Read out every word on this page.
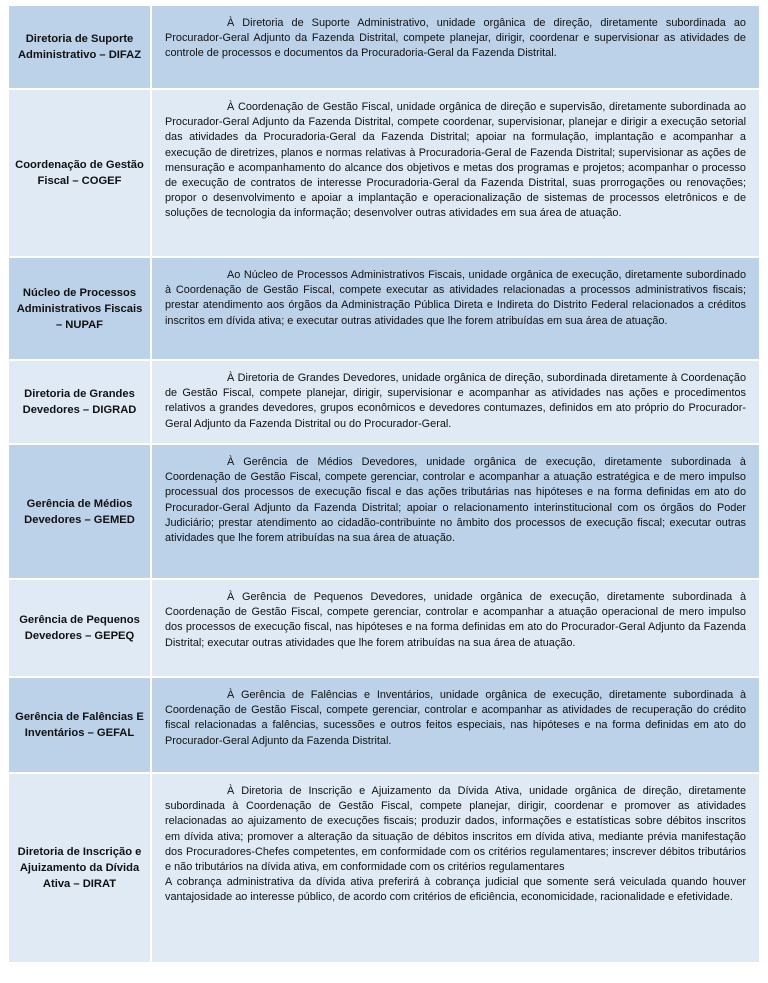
Diretoria de Suporte Administrativo – DIFAZ

À Diretoria de Suporte Administrativo, unidade orgânica de direção, diretamente subordinada ao Procurador-Geral Adjunto da Fazenda Distrital, compete planejar, dirigir, coordenar e supervisionar as atividades de controle de processos e documentos da Procuradoria-Geral da Fazenda Distrital.

Coordenação de Gestão Fiscal – COGEF

À Coordenação de Gestão Fiscal, unidade orgânica de direção e supervisão, diretamente subordinada ao Procurador-Geral Adjunto da Fazenda Distrital, compete coordenar, supervisionar, planejar e dirigir a execução setorial das atividades da Procuradoria-Geral da Fazenda Distrital; apoiar na formulação, implantação e acompanhar a execução de diretrizes, planos e normas relativas à Procuradoria-Geral de Fazenda Distrital; supervisionar as ações de mensuração e acompanhamento do alcance dos objetivos e metas dos programas e projetos; acompanhar o processo de execução de contratos de interesse Procuradoria-Geral da Fazenda Distrital, suas prorrogações ou renovações; propor o desenvolvimento e apoiar a implantação e operacionalização de sistemas de processos eletrônicos e de soluções de tecnologia da informação; desenvolver outras atividades em sua área de atuação.

Núcleo de Processos Administrativos Fiscais – NUPAF

Ao Núcleo de Processos Administrativos Fiscais, unidade orgânica de execução, diretamente subordinado à Coordenação de Gestão Fiscal, compete executar as atividades relacionadas a processos administrativos fiscais; prestar atendimento aos órgãos da Administração Pública Direta e Indireta do Distrito Federal relacionados a créditos inscritos em dívida ativa; e executar outras atividades que lhe forem atribuídas em sua área de atuação.

Diretoria de Grandes Devedores – DIGRAD

À Diretoria de Grandes Devedores, unidade orgânica de direção, subordinada diretamente à Coordenação de Gestão Fiscal, compete planejar, dirigir, supervisionar e acompanhar as atividades nas ações e procedimentos relativos a grandes devedores, grupos econômicos e devedores contumazes, definidos em ato próprio do Procurador-Geral Adjunto da Fazenda Distrital ou do Procurador-Geral.

Gerência de Médios Devedores – GEMED

À Gerência de Médios Devedores, unidade orgânica de execução, diretamente subordinada à Coordenação de Gestão Fiscal, compete gerenciar, controlar e acompanhar a atuação estratégica e de mero impulso processual dos processos de execução fiscal e das ações tributárias nas hipóteses e na forma definidas em ato do Procurador-Geral Adjunto da Fazenda Distrital; apoiar o relacionamento interinstitucional com os órgãos do Poder Judiciário; prestar atendimento ao cidadão-contribuinte no âmbito dos processos de execução fiscal; executar outras atividades que lhe forem atribuídas na sua área de atuação.

Gerência de Pequenos Devedores – GEPEQ

À Gerência de Pequenos Devedores, unidade orgânica de execução, diretamente subordinada à Coordenação de Gestão Fiscal, compete gerenciar, controlar e acompanhar a atuação operacional de mero impulso dos processos de execução fiscal, nas hipóteses e na forma definidas em ato do Procurador-Geral Adjunto da Fazenda Distrital; executar outras atividades que lhe forem atribuídas na sua área de atuação.

Gerência de Falências E Inventários – GEFAL

À Gerência de Falências e Inventários, unidade orgânica de execução, diretamente subordinada à Coordenação de Gestão Fiscal, compete gerenciar, controlar e acompanhar as atividades de recuperação do crédito fiscal relacionadas a falências, sucessões e outros feitos especiais, nas hipóteses e na forma definidas em ato do Procurador-Geral Adjunto da Fazenda Distrital.

Diretoria de Inscrição e Ajuizamento da Dívida Ativa – DIRAT

À Diretoria de Inscrição e Ajuizamento da Dívida Ativa, unidade orgânica de direção, diretamente subordinada à Coordenação de Gestão Fiscal, compete planejar, dirigir, coordenar e promover as atividades relacionadas ao ajuizamento de execuções fiscais; produzir dados, informações e estatísticas sobre débitos inscritos em dívida ativa; promover a alteração da situação de débitos inscritos em dívida ativa, mediante prévia manifestação dos Procuradores-Chefes competentes, em conformidade com os critérios regulamentares; inscrever débitos tributários e não tributários na dívida ativa, em conformidade com os critérios regulamentares

A cobrança administrativa da dívida ativa preferirá à cobrança judicial que somente será veiculada quando houver vantajosidade ao interesse público, de acordo com critérios de eficiência, economicidade, racionalidade e efetividade.
